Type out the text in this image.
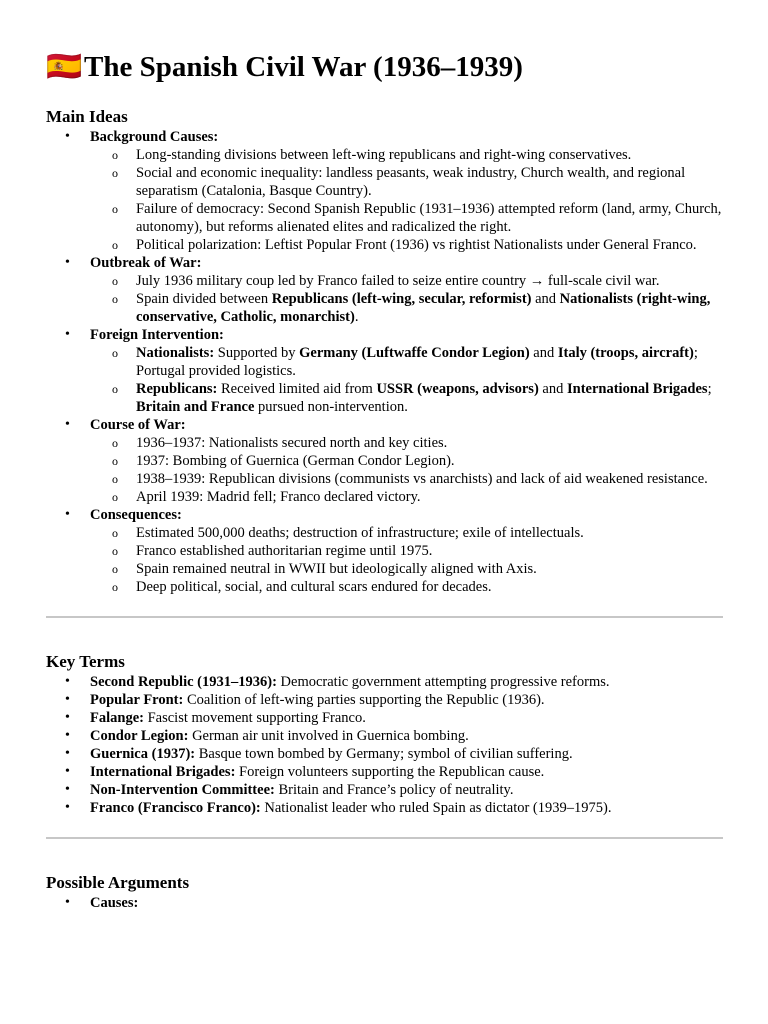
🇪🇸The Spanish Civil War (1936–1939)
Main Ideas
• Background Causes:
o Long-standing divisions between left-wing republicans and right-wing conservatives.
o Social and economic inequality: landless peasants, weak industry, Church wealth, and regional separatism (Catalonia, Basque Country).
o Failure of democracy: Second Spanish Republic (1931–1936) attempted reform (land, army, Church, autonomy), but reforms alienated elites and radicalized the right.
o Political polarization: Leftist Popular Front (1936) vs rightist Nationalists under General Franco.
• Outbreak of War:
o July 1936 military coup led by Franco failed to seize entire country → full-scale civil war.
o Spain divided between Republicans (left-wing, secular, reformist) and Nationalists (right-wing, conservative, Catholic, monarchist).
• Foreign Intervention:
o Nationalists: Supported by Germany (Luftwaffe Condor Legion) and Italy (troops, aircraft); Portugal provided logistics.
o Republicans: Received limited aid from USSR (weapons, advisors) and International Brigades; Britain and France pursued non-intervention.
• Course of War:
o 1936–1937: Nationalists secured north and key cities.
o 1937: Bombing of Guernica (German Condor Legion).
o 1938–1939: Republican divisions (communists vs anarchists) and lack of aid weakened resistance.
o April 1939: Madrid fell; Franco declared victory.
• Consequences:
o Estimated 500,000 deaths; destruction of infrastructure; exile of intellectuals.
o Franco established authoritarian regime until 1975.
o Spain remained neutral in WWII but ideologically aligned with Axis.
o Deep political, social, and cultural scars endured for decades.
Key Terms
• Second Republic (1931–1936): Democratic government attempting progressive reforms.
• Popular Front: Coalition of left-wing parties supporting the Republic (1936).
• Falange: Fascist movement supporting Franco.
• Condor Legion: German air unit involved in Guernica bombing.
• Guernica (1937): Basque town bombed by Germany; symbol of civilian suffering.
• International Brigades: Foreign volunteers supporting the Republican cause.
• Non-Intervention Committee: Britain and France’s policy of neutrality.
• Franco (Francisco Franco): Nationalist leader who ruled Spain as dictator (1939–1975).
Possible Arguments
• Causes:
